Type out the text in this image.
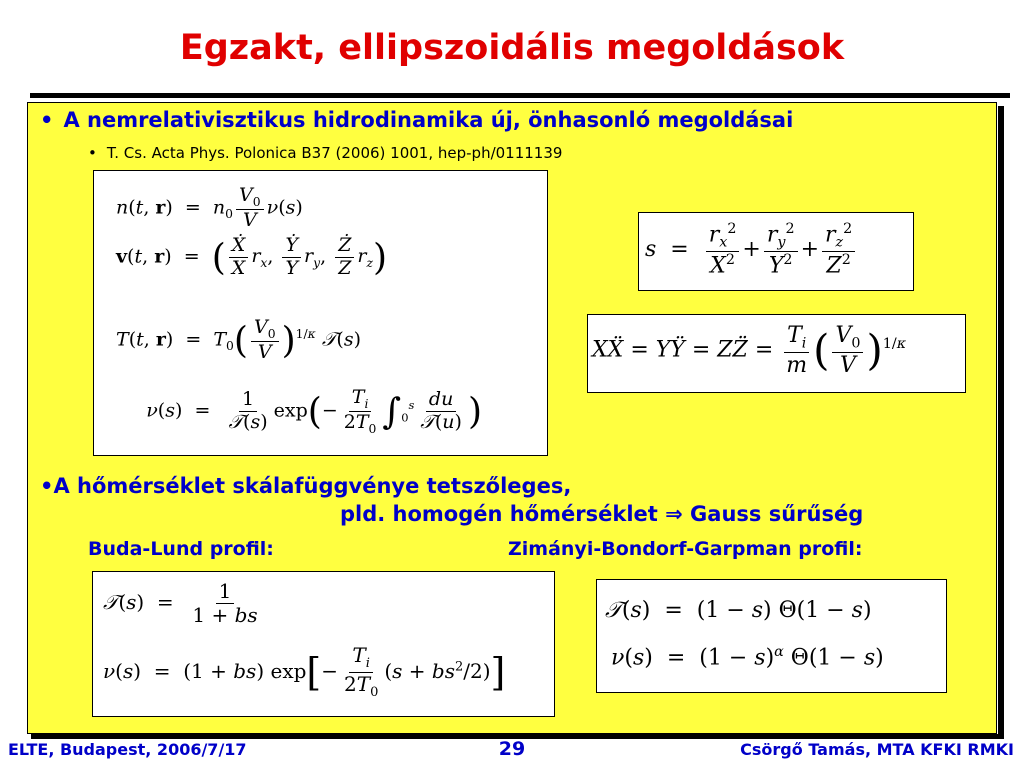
Egzakt, ellipszoidális megoldások
• A nemrelativisztikus hidrodinamika új, önhasonló megoldásai
• T. Cs. Acta Phys. Polonica B37 (2006) 1001, hep-ph/0111139
n(t, $r) = n_0 \frac{V_0}{V} \nu(s)$
v(t, r)  =  ( $\frac{\text{Ẋ}}{X} r_x$, $\frac{\text{Ẏ}}{Y} r_y$, $\frac{Ż}{Z} r_z$)
T(t, $r) = T_0( \frac{V_0}{V} )^{1/\kappa}$ 𝒯(s)
$\nu(s) = \frac{1}{\text{𝒯(s)}} \exp(- \frac{T_i}{2T_0} \int_0^s \frac{du}{\text{𝒯(u)}}$ )
$s = \frac{r_x^2}{X^2} + \frac{r_y^2}{Y^2} + \frac{r_z^2}{Z^2}$
XẌ = YŸ = ZZ̈ = $\frac{T_i}{m}$ ( $\frac{V_0}{V} )^{1/\kappa}$
•A hőmérséklet skálafüggvénye tetszőleges,
pld. homogén hőmérséklet ⇒ Gauss sűrűség
Buda-Lund profil:	Zimányi-Bondorf-Garpman profil:
𝒯(s)  = $\frac{1}{1 + bs}$
ν(s)  =  (1 + bs) $\exp[- \frac{T_i}{2T_0} (s + bs^2/2)]$
𝒯(s)  =  (1 − s) Θ(1 − s)
$\nu(s) = (1 - s)^\alpha$ Θ(1 − s)
ELTE, Budapest, 2006/7/17	29	Csörgő Tamás, MTA KFKI RMKI
